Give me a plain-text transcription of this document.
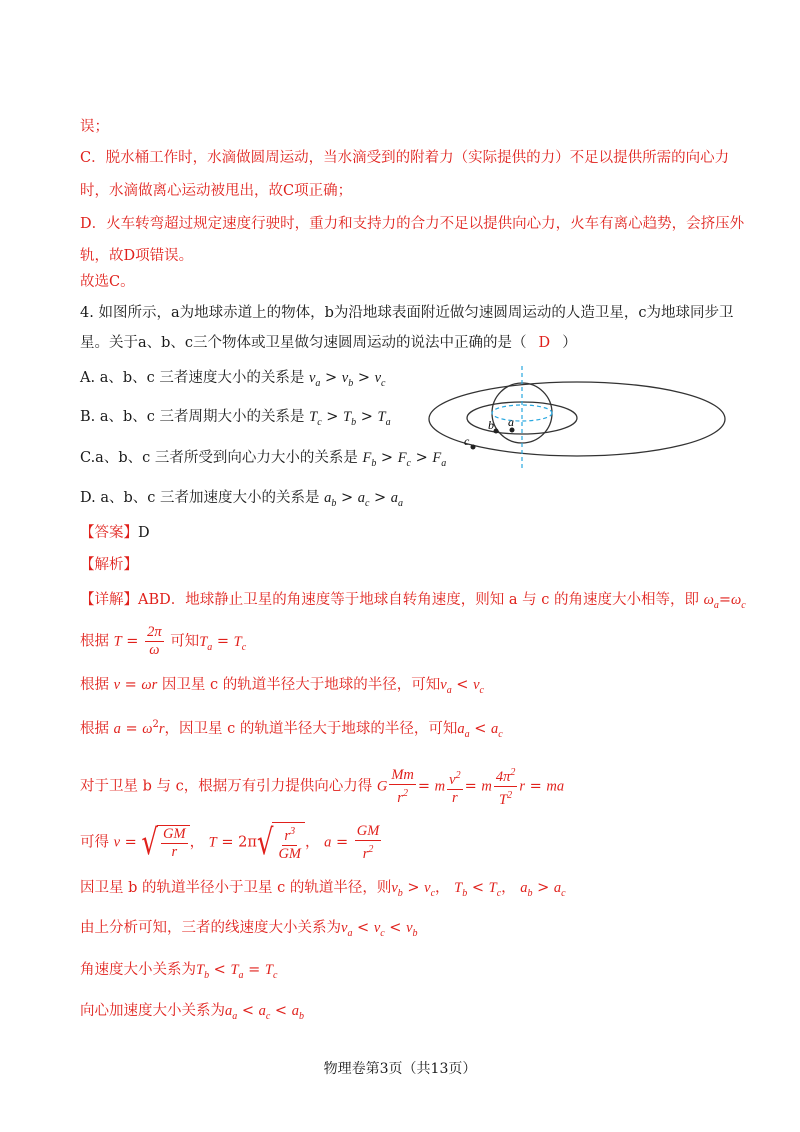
误；
C．脱水桶工作时，水滴做圆周运动，当水滴受到的附着力（实际提供的力）不足以提供所需的向心力
时，水滴做离心运动被甩出，故C项正确；
D．火车转弯超过规定速度行驶时，重力和支持力的合力不足以提供向心力，火车有离心趋势，会挤压外
轨，故D项错误。
故选C。
4. 如图所示，a为地球赤道上的物体，b为沿地球表面附近做匀速圆周运动的人造卫星，c为地球同步卫
星。关于a、b、c三个物体或卫星做匀速圆周运动的说法中正确的是（ D ）
A. a、b、c 三者速度大小的关系是 $v_a > v_b > v_c$
B. a、b、c 三者周期大小的关系是 $T_c > T_b > T_a$
C.a、b、c 三者所受到向心力大小的关系是 $F_b > F_c > F_a$
D. a、b、c 三者加速度大小的关系是 $a_b > a_c > a_a$
a
b
c
【答案】D
【解析】
【详解】ABD．地球静止卫星的角速度等于地球自转角速度，则知 a 与 c 的角速度大小相等，即 $\omega_a=\omega_c$
根据 $T = \frac{2\pi}{\omega}$ 可知$T_a = T_c$
根据 v = ωr 因卫星 c 的轨道半径大于地球的半径，可知$v_a < v_c$
根据 $a = \omega^2r$，因卫星 c 的轨道半径大于地球的半径，可知$a_a < a_c$
对于卫星 b 与 c，根据万有引力提供向心力得 G $\frac{Mm}{r^2} = m \frac{v^2}{r} = m \frac{4\pi^2}{T^2}$ r = ma
可得 v = √ $\frac{GM}{r}$ ， T = 2π √ $\frac{r^3}{GM}$ ， $a = \frac{GM}{r^2}$
因卫星 b 的轨道半径小于卫星 c 的轨道半径，则$v_b > v_c$， $T_b < T_c$， $a_b > a_c$
由上分析可知，三者的线速度大小关系为$v_a < v_c < v_b$
角速度大小关系为$T_b < T_a = T_c$
向心加速度大小关系为$a_a < a_c < a_b$
物理卷第3页（共13页）
